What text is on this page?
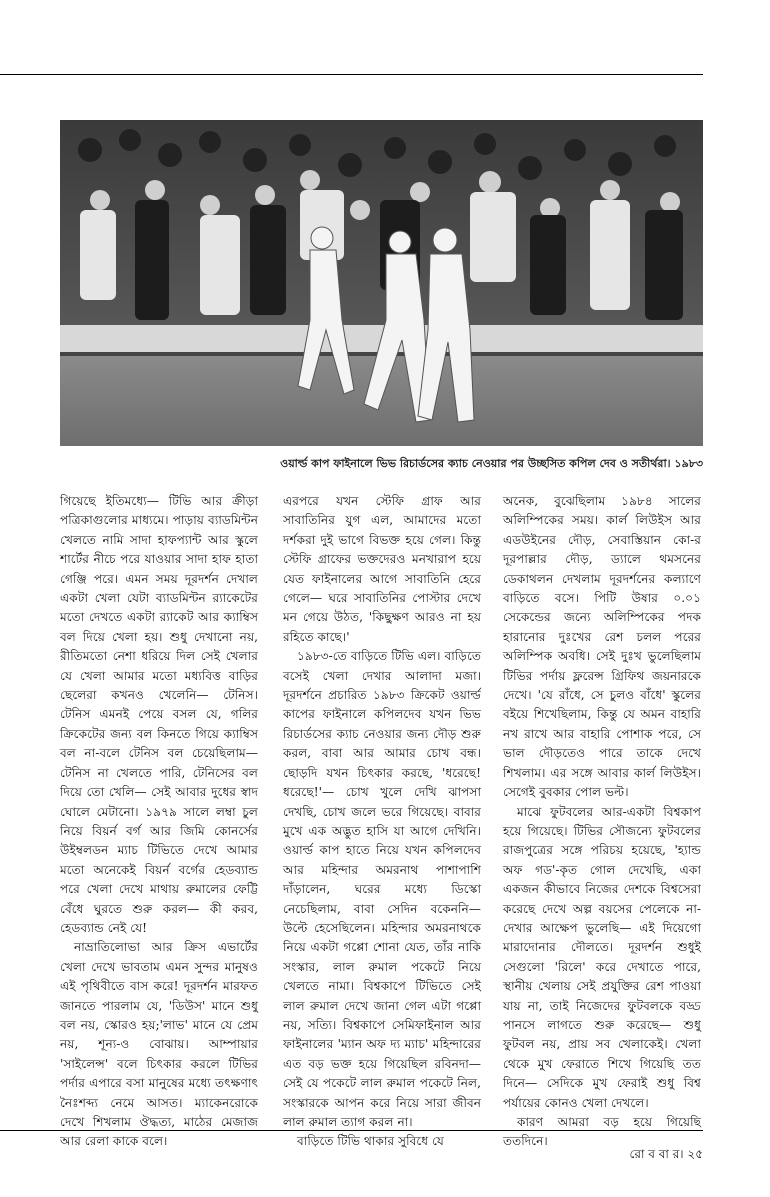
ওয়ার্ল্ড কাপ ফাইনালে ভিভ রিচার্ডসের ক্যাচ নেওয়ার পর উচ্ছসিত কপিল দেব ও সতীর্থরা। ১৯৮৩

গিয়েছে ইতিমধ্যে— টিভি আর ক্রীড়া পত্রিকাগুলোর মাধ্যমে। পাড়ায় ব্যাডমিন্টন খেলতে নামি সাদা হাফপ্যান্ট আর স্কুলে শার্টের নীচে পরে যাওয়ার সাদা হাফ হাতা গেঞ্জি পরে। এমন সময় দূরদর্শন দেখাল একটা খেলা যেটা ব্যাডমিন্টন র‍্যাকেটের মতো দেখতে একটা র‍্যাকেট আর ক্যাম্বিস বল দিয়ে খেলা হয়। শুধু দেখানো নয়, রীতিমতো নেশা ধরিয়ে দিল সেই খেলার যে খেলা আমার মতো মধ্যবিত্ত বাড়ির ছেলেরা কখনও খেলেনি— টেনিস। টেনিস এমনই পেয়ে বসল যে, গলির ক্রিকেটের জন্য বল কিনতে গিয়ে ক্যাম্বিস বল না-বলে টেনিস বল চেয়েছিলাম— টেনিস না খেলতে পারি, টেনিসের বল দিয়ে তো খেলি— সেই আবার দুধের স্বাদ ঘোলে মেটানো। ১৯৭৯ সালে লম্বা চুল নিয়ে বিয়র্ন বর্গ আর জিমি কোনর্সের উইম্বলডন ম্যাচ টিভিতে দেখে আমার মতো অনেকেই বিয়র্ন বর্গের হেডব্যান্ড পরে খেলা দেখে মাথায় রুমালের ফেট্টি বেঁধে ঘুরতে শুরু করল— কী করব, হেডব্যান্ড নেই যে!

নাভ্রাতিলোভা আর ক্রিস এভার্টের খেলা দেখে ভাবতাম এমন সুন্দর মানুষও এই পৃথিবীতে বাস করে! দূরদর্শন মারফত জানতে পারলাম যে, 'ডিউস' মানে শুধু বল নয়, স্কোরও হয়;'লাভ' মানে যে প্রেম নয়, শূন্য-ও বোঝায়। আম্পায়ার 'সাইলেন্স' বলে চিৎকার করলে টিভির পর্দার এপারে বসা মানুষের মধ্যে তৎক্ষণাৎ নৈঃশব্দ্য নেমে আসত। ম্যাকেনরোকে দেখে শিখলাম ঔদ্ধত্য, মাঠের মেজাজ আর রেলা কাকে বলে।

এরপরে যখন স্টেফি গ্রাফ আর সাবাতিনির যুগ এল, আমাদের মতো দর্শকরা দুই ভাগে বিভক্ত হয়ে গেল। কিন্তু স্টেফি গ্রাফের ভক্তদেরও মনখারাপ হয়ে যেত ফাইনালের আগে সাবাতিনি হেরে গেলে— ঘরে সাবাতিনির পোস্টার দেখে মন গেয়ে উঠত, 'কিছুক্ষণ আরও না হয় রহিতে কাছে।'

১৯৮৩-তে বাড়িতে টিভি এল। বাড়িতে বসেই খেলা দেখার আলাদা মজা। দূরদর্শনে প্রচারিত ১৯৮৩ ক্রিকেট ওয়ার্ল্ড কাপের ফাইনালে কপিলদেব যখন ভিভ রিচার্ডসের ক্যাচ নেওয়ার জন্য দৌড় শুরু করল, বাবা আর আমার চোখ বন্ধ। ছোড়দি যখন চিৎকার করছে, 'ধরেছে! ধরেছে!'— চোখ খুলে দেখি ঝাপসা দেখছি, চোখ জলে ভরে গিয়েছে। বাবার মুখে এক অদ্ভুত হাসি যা আগে দেখিনি। ওয়ার্ল্ড কাপ হাতে নিয়ে যখন কপিলদেব আর মহিন্দার অমরনাথ পাশাপাশি দাঁড়ালেন, ঘরের মধ্যে ডিস্কো নেচেছিলাম, বাবা সেদিন বকেননি— উল্টে হেসেছিলেন। মহিন্দার অমরনাথকে নিয়ে একটা গপ্পো শোনা যেত, তাঁর নাকি সংস্কার, লাল রুমাল পকেটে নিয়ে খেলতে নামা। বিশ্বকাপে টিভিতে সেই লাল রুমাল দেখে জানা গেল এটা গপ্পো নয়, সত্যি। বিশ্বকাপে সেমিফাইনাল আর ফাইনালের 'ম্যান অফ দ্য ম্যাচ' মহিন্দারের এত বড় ভক্ত হয়ে গিয়েছিল রবিনদা— সেই যে পকেটে লাল রুমাল পকেটে নিল, সংস্কারকে আপন করে নিয়ে সারা জীবন লাল রুমাল ত্যাগ করল না।

বাড়িতে টিভি থাকার সুবিধে যে

অনেক, বুঝেছিলাম ১৯৮৪ সালের অলিম্পিকের সময়। কার্ল লিউইস আর এডউইনের দৌড়, সেবাস্তিয়ান কো-র দূরপাল্লার দৌড়, ড্যালে থমসনের ডেকাথলন দেখলাম দূরদর্শনের কল্যাণে বাড়িতে বসে। পিটি উষার ০.০১ সেকেন্ডের জন্যে অলিম্পিকের পদক হারানোর দুঃখের রেশ চলল পরের অলিম্পিক অবধি। সেই দুঃখ ভুলেছিলাম টিভির পর্দায় ফ্লরেন্স গ্রিফিথ জয়নারকে দেখে। 'যে রাঁধে, সে চুলও বাঁধে' স্কুলের বইয়ে শিখেছিলাম, কিন্তু যে অমন বাহারি নখ রাখে আর বাহারি পোশাক পরে, সে ভাল দৌড়তেও পারে তাকে দেখে শিখলাম। এর সঙ্গে আবার কার্ল লিউইস। সেগেই বুবকার পোল ভল্ট।

মাঝে ফুটবলের আর-একটা বিশ্বকাপ হয়ে গিয়েছে। টিভির সৌজন্যে ফুটবলের রাজপুত্রের সঙ্গে পরিচয় হয়েছে, 'হ্যান্ড অফ গড'-কৃত গোল দেখেছি, একা একজন কীভাবে নিজের দেশকে বিশ্বসেরা করেছে দেখে অল্প বয়সের পেলেকে না-দেখার আক্ষেপ ভুলেছি— এই দিয়েগো মারাদোনার দৌলতে। দূরদর্শন শুধুই সেগুলো 'রিলে' করে দেখাতে পারে, স্থানীয় খেলায় সেই প্রযুক্তির রেশ পাওয়া যায় না, তাই নিজেদের ফুটবলকে বড্ড পানসে লাগতে শুরু করেছে— শুধু ফুটবল নয়, প্রায় সব খেলাকেই। খেলা থেকে মুখ ফেরাতে শিখে গিয়েছি তত দিনে— সেদিকে মুখ ফেরাই শুধু বিশ্ব পর্যায়ের কোনও খেলা দেখলে।

কারণ আমরা বড় হয়ে গিয়েছি ততদিনে।

রো ব বা র। ২৫
